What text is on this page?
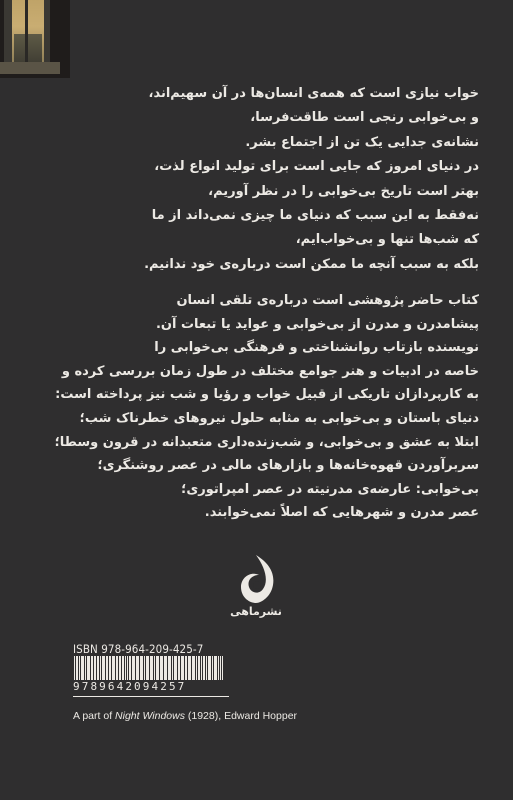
خواب نیازی است که همه‌ی انسان‌ها در آن سهیم‌اند،
و بی‌خوابی رنجی است طاقت‌فرسا،
نشانه‌ی جدایی یک تن از اجتماع بشر.
در دنیای امروز که جایی است برای تولید انواع لذت،
بهتر است تاریخ بی‌خوابی را در نظر آوریم،
نه‌فقط به این سبب که دنیای ما چیزی نمی‌داند از ما
که شب‌ها تنها و بی‌خواب‌ایم،
بلکه به سبب آنچه ما ممکن است درباره‌ی خود ندانیم.
کتاب حاضر پژوهشی است درباره‌ی تلقی انسان
پیشامدرن و مدرن از بی‌خوابی و عواید یا تبعات آن.
نویسنده بازتاب روانشناختی و فرهنگی بی‌خوابی را
خاصه در ادبیات و هنر جوامع مختلف در طول زمان بررسی کرده و
به کارپردازان تاریکی از قبیل خواب و رؤیا و شب نیز پرداخته است:
دنیای باستان و بی‌خوابی به مثابه حلول نیروهای خطرناک شب؛
ابتلا به عشق و بی‌خوابی، و شب‌زنده‌داری متعبدانه در قرون وسطا؛
سربرآوردن قهوه‌خانه‌ها و بازارهای مالی در عصر روشنگری؛
بی‌خوابی: عارضه‌ی مدرنیته در عصر امپراتوری؛
عصر مدرن و شهرهایی که اصلاً نمی‌خوابند.
نشرماهی
ISBN 978-964-209-425-7
9789642094257
A part of Night Windows (1928), Edward Hopper
